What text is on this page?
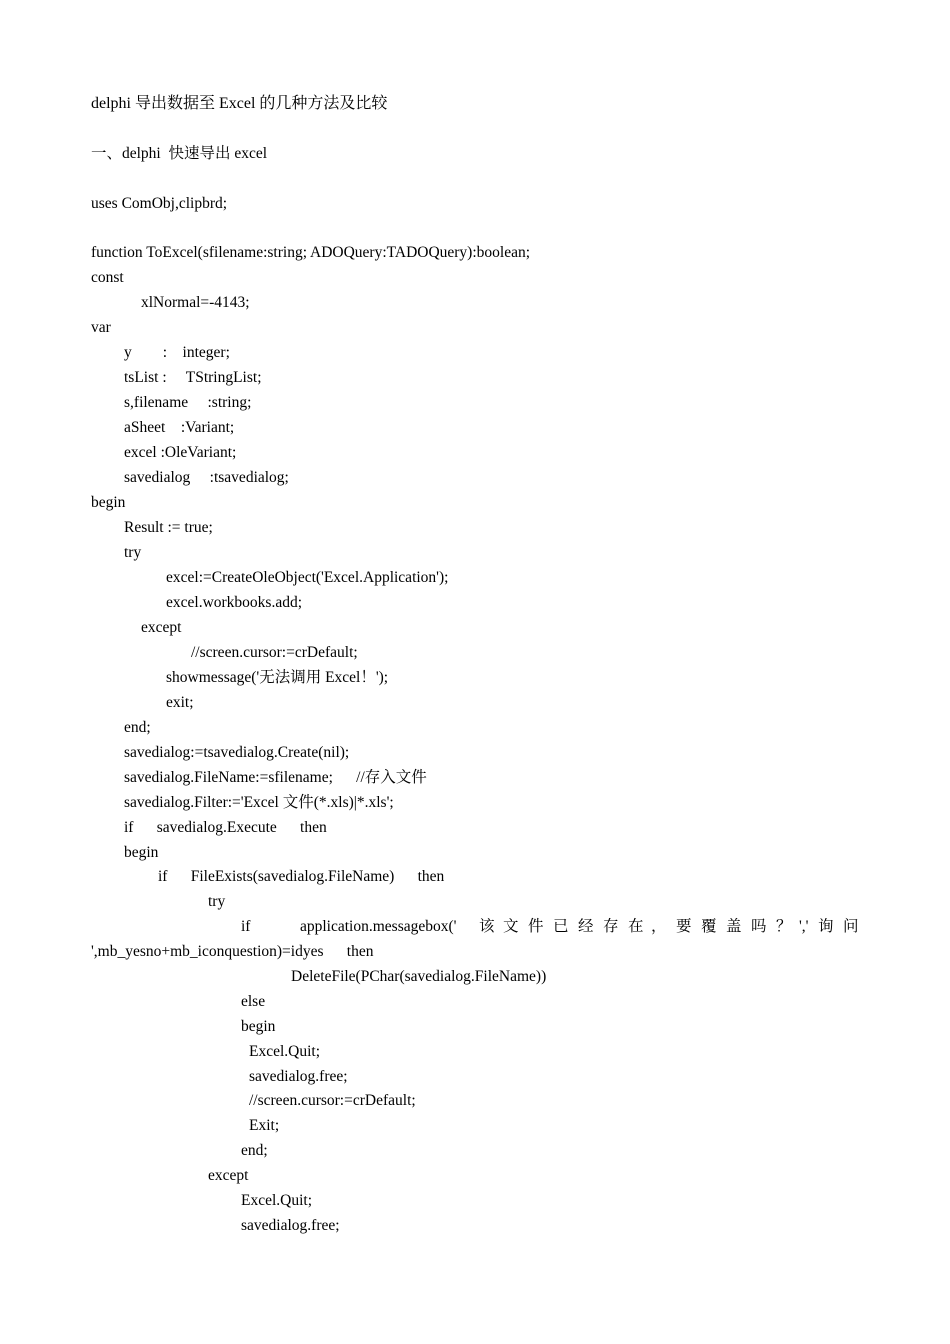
delphi 导出数据至 Excel 的几种方法及比较
一、delphi  快速导出 excel
uses ComObj,clipbrd;
function ToExcel(sfilename:string; ADOQuery:TADOQuery):boolean;
const
xlNormal=-4143;
var
y        :    integer;
tsList :     TStringList;
s,filename     :string;
aSheet    :Variant;
excel :OleVariant;
savedialog     :tsavedialog;
begin
Result := true;
try
excel:=CreateOleObject('Excel.Application');
excel.workbooks.add;
except
//screen.cursor:=crDefault;
showmessage('无法调用 Excel！');
exit;
end;
savedialog:=tsavedialog.Create(nil);
savedialog.FileName:=sfilename;      //存入文件
savedialog.Filter:='Excel 文件(*.xls)|*.xls';
if      savedialog.Execute      then
begin
if      FileExists(savedialog.FileName)      then
try
if	application.messagebox(' 该 文 件 已 经 存 在 ， 要 覆 盖 吗 ？ ',' 询 问
',mb_yesno+mb_iconquestion)=idyes      then
DeleteFile(PChar(savedialog.FileName))
else
begin
Excel.Quit;
savedialog.free;
//screen.cursor:=crDefault;
Exit;
end;
except
Excel.Quit;
savedialog.free;
